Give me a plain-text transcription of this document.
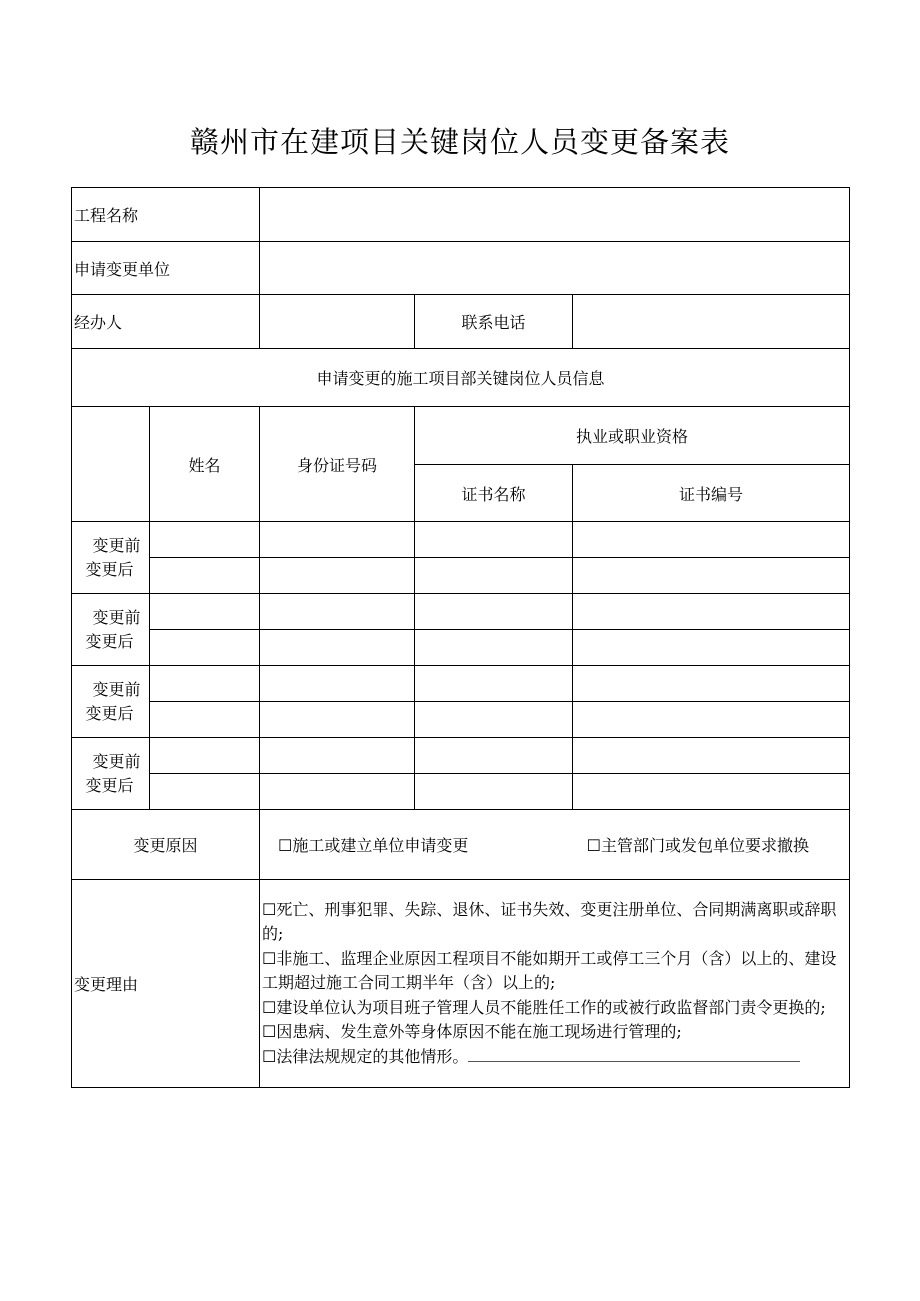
赣州市在建项目关键岗位人员变更备案表
工程名称				
申请变更单位				
经办人			联系电话	
申请变更的施工项目部关键岗位人员信息				
	姓名	身份证号码	执业或职业资格	
			证书名称	证书编号

变更前
变更后				

变更前
变更后				

变更前
变更后				

变更前
变更后				

变更原因		☐施工或建立单位申请变更 ☐主管部门或发包单位要求撤换		

变更理由		☐死亡、刑事犯罪、失踪、退休、证书失效、变更注册单位、合同期满离职或辞职的;

☐非施工、监理企业原因工程项目不能如期开工或停工三个月（含）以上的、建设工期超过施工合同工期半年（含）以上的;

☐建设单位认为项目班子管理人员不能胜任工作的或被行政监督部门责令更换的;

☐因患病、发生意外等身体原因不能在施工现场进行管理的;

☐法律法规规定的其他情形。		
